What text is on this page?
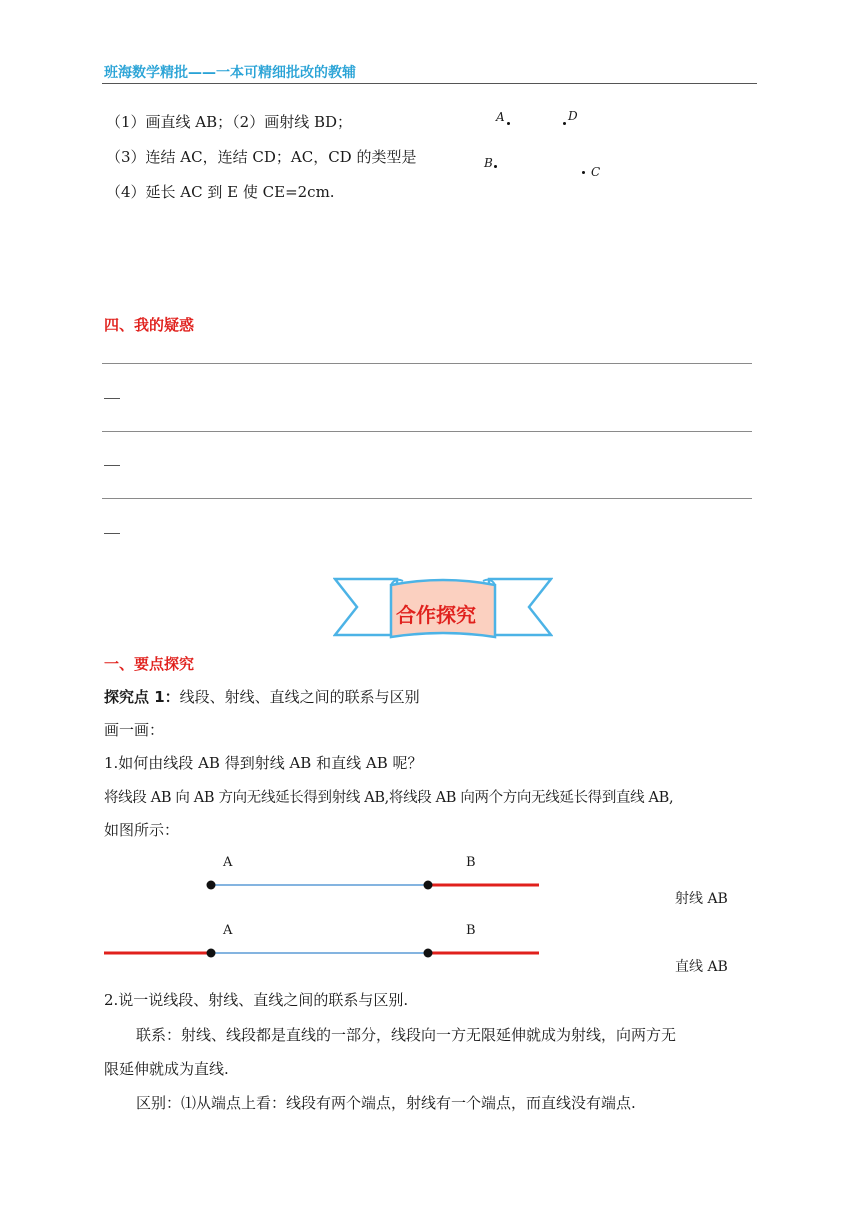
班海数学精批——一本可精细批改的教辅
（1）画直线 AB；（2）画射线 BD；
（3）连结 AC，连结 CD；AC，CD 的类型是
（4）延长 AC 到 E 使 CE=2cm.
A	D
B
C
四、我的疑惑
合作探究
一、要点探究
探究点 1：线段、射线、直线之间的联系与区别
画一画：
1.如何由线段 AB 得到射线 AB 和直线 AB 呢？
将线段 AB 向 AB 方向无线延长得到射线 AB,将线段 AB 向两个方向无线延长得到直线 AB,
如图所示：
A	B
A	B
射线 AB
直线 AB
2.说一说线段、射线、直线之间的联系与区别.
联系：射线、线段都是直线的一部分，线段向一方无限延伸就成为射线，向两方无
限延伸就成为直线.
区别：⑴从端点上看：线段有两个端点，射线有一个端点，而直线没有端点.
